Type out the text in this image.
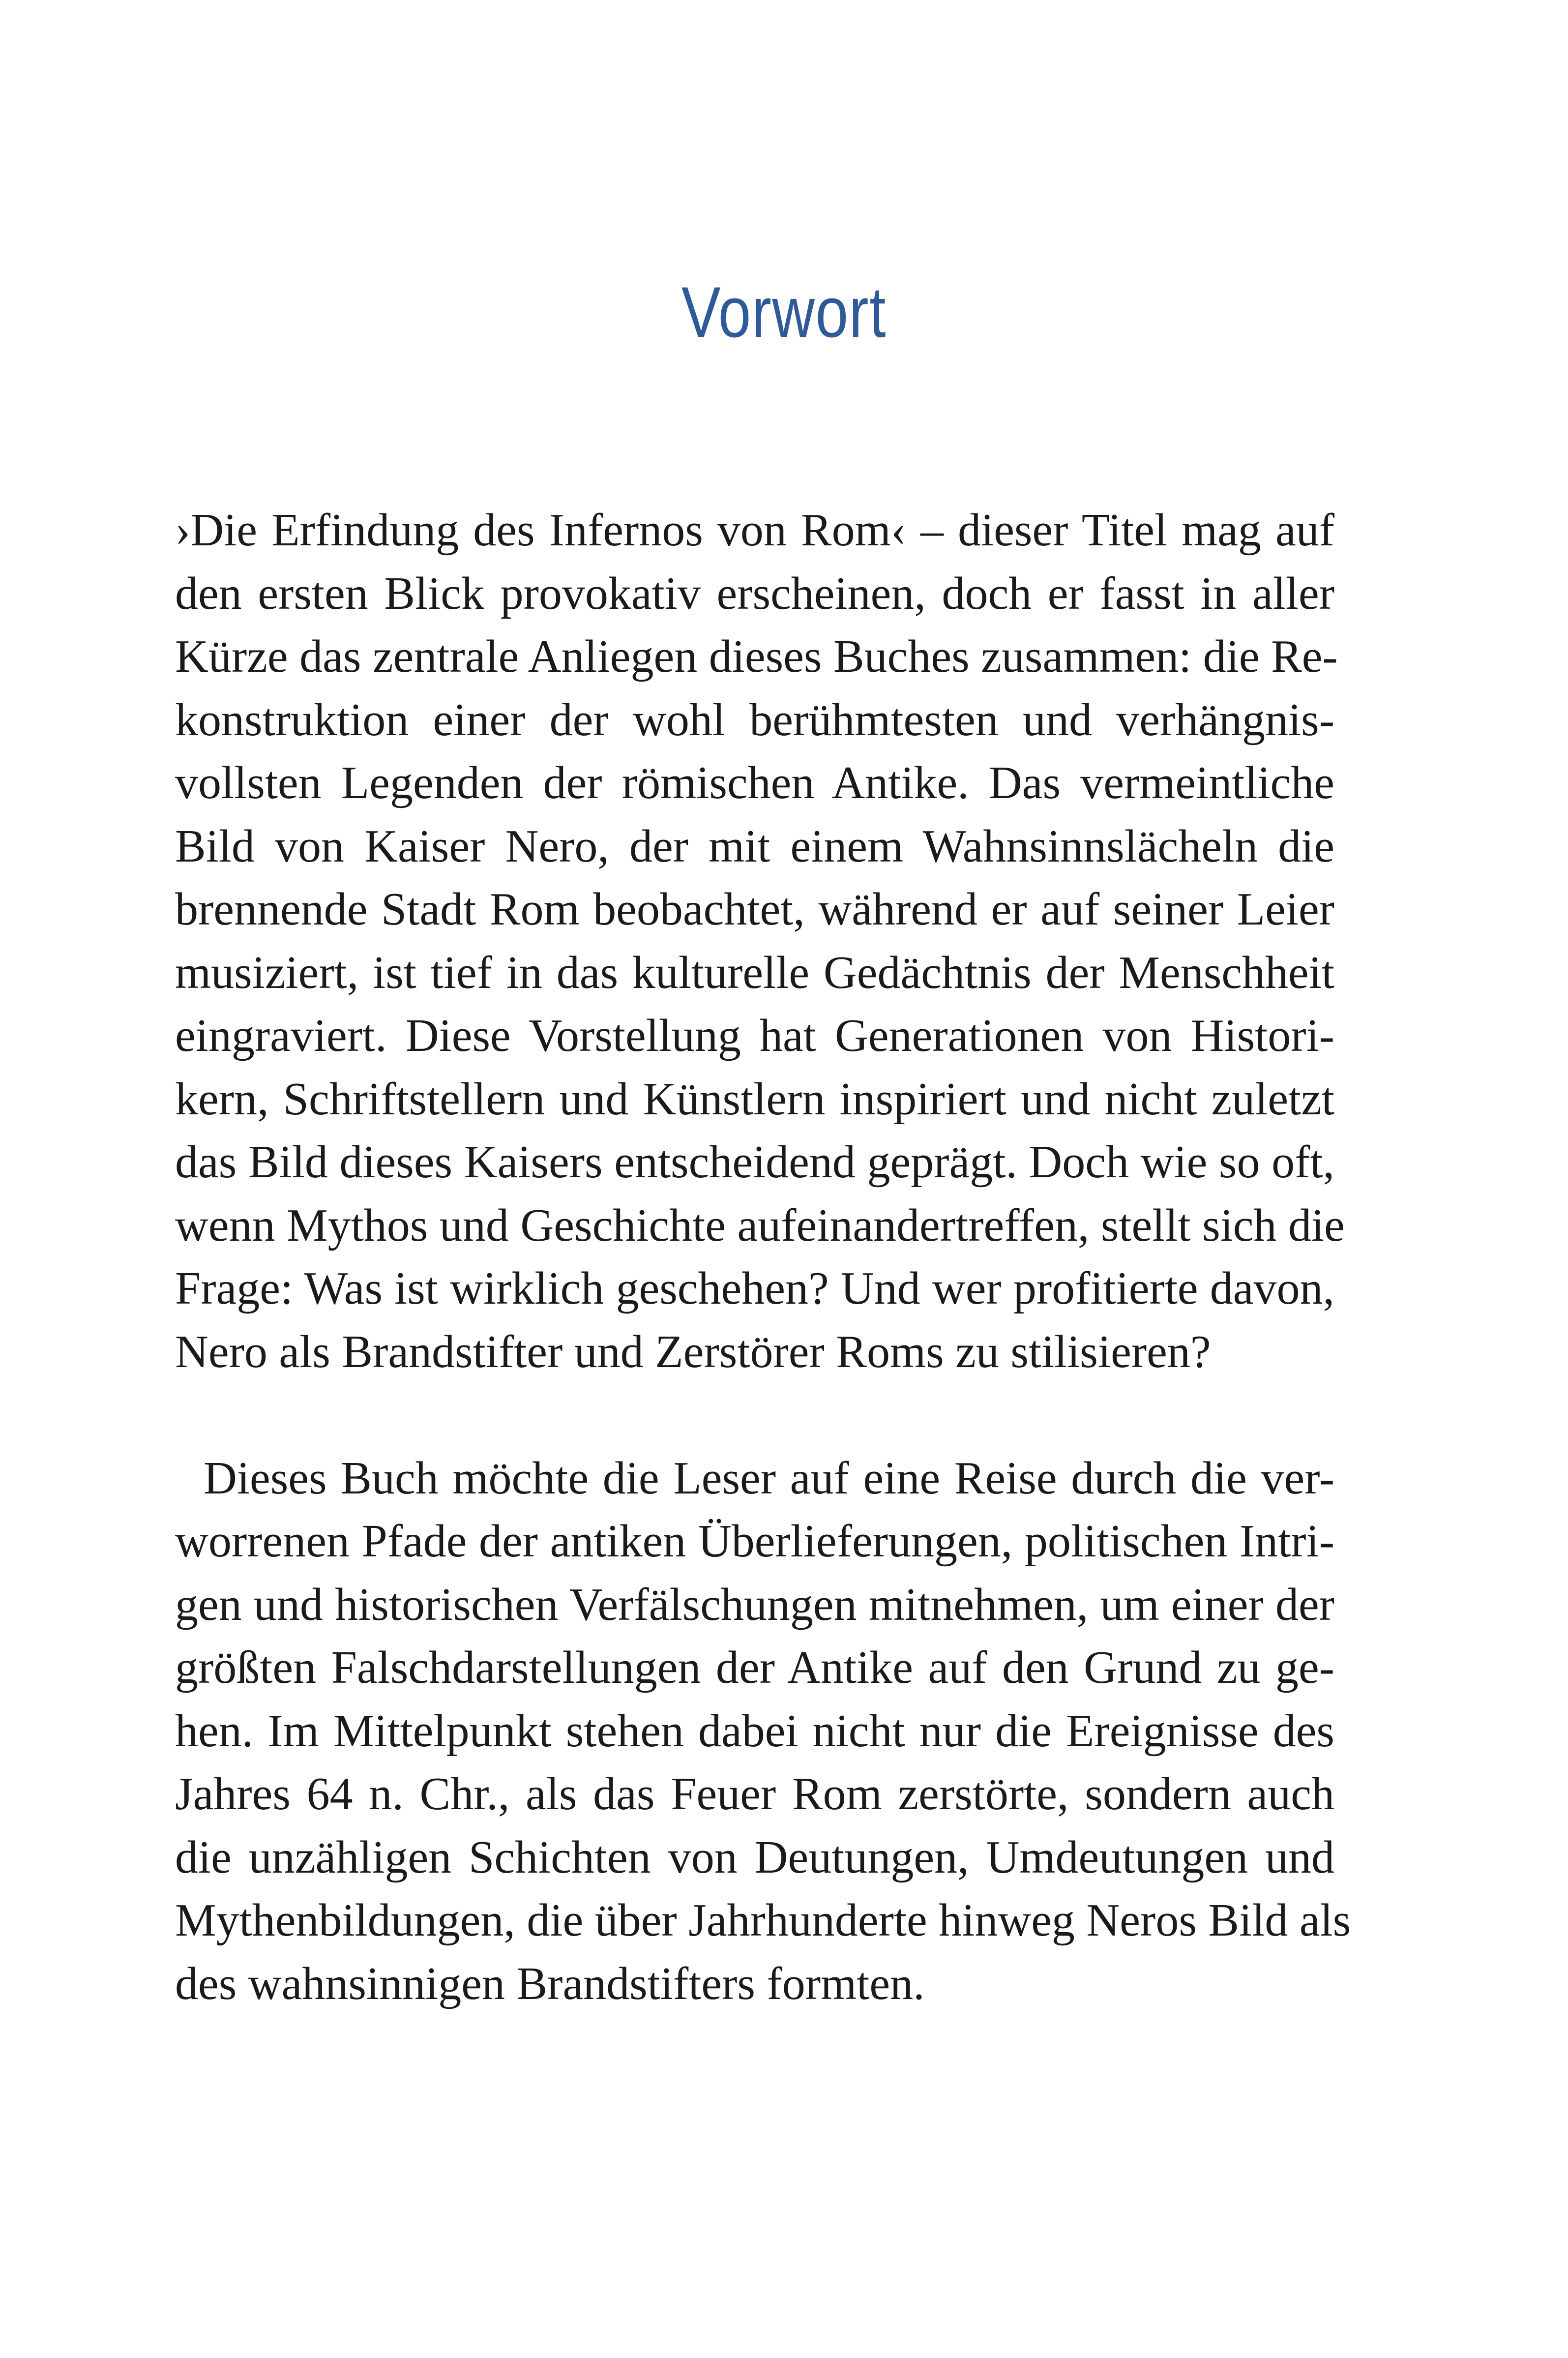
Vorwort
›Die Erfindung des Infernos von Rom‹ – dieser Titel mag auf
den ersten Blick provokativ erscheinen, doch er fasst in aller
Kürze das zentrale Anliegen dieses Buches zusammen: die Re-
konstruktion einer der wohl berühmtesten und verhängnis-
vollsten Legenden der römischen Antike. Das vermeintliche
Bild von Kaiser Nero, der mit einem Wahnsinnslächeln die
brennende Stadt Rom beobachtet, während er auf seiner Leier
musiziert, ist tief in das kulturelle Gedächtnis der Menschheit
eingraviert. Diese Vorstellung hat Generationen von Histori-
kern, Schriftstellern und Künstlern inspiriert und nicht zuletzt
das Bild dieses Kaisers entscheidend geprägt. Doch wie so oft,
wenn Mythos und Geschichte aufeinandertreffen, stellt sich die
Frage: Was ist wirklich geschehen? Und wer profitierte davon,
Nero als Brandstifter und Zerstörer Roms zu stilisieren?
Dieses Buch möchte die Leser auf eine Reise durch die ver-
worrenen Pfade der antiken Überlieferungen, politischen Intri-
gen und historischen Verfälschungen mitnehmen, um einer der
größten Falschdarstellungen der Antike auf den Grund zu ge-
hen. Im Mittelpunkt stehen dabei nicht nur die Ereignisse des
Jahres 64 n. Chr., als das Feuer Rom zerstörte, sondern auch
die unzähligen Schichten von Deutungen, Umdeutungen und
Mythenbildungen, die über Jahrhunderte hinweg Neros Bild als
des wahnsinnigen Brandstifters formten.
